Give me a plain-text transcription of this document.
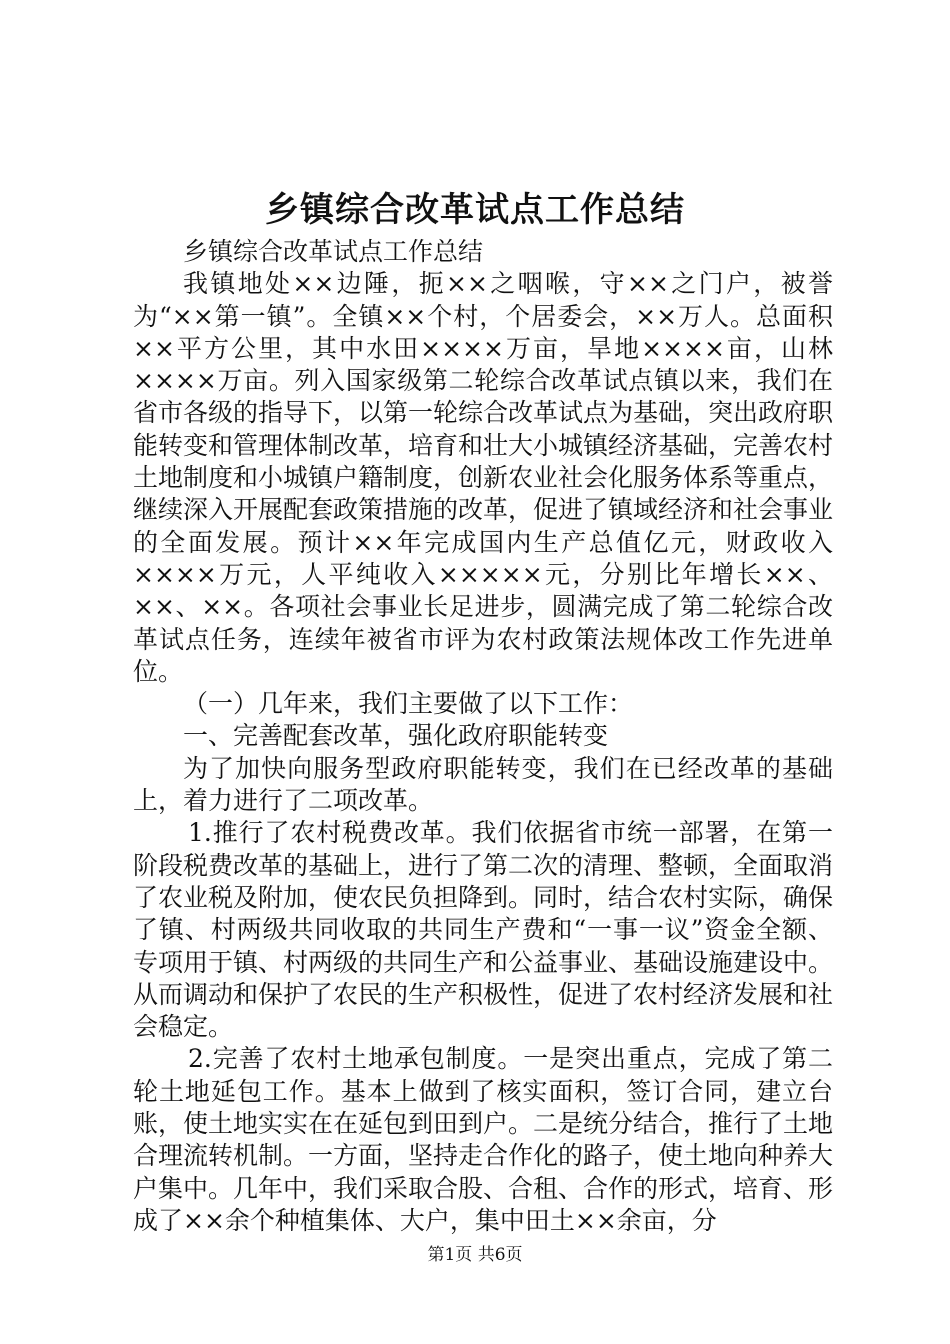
乡镇综合改革试点工作总结

乡镇综合改革试点工作总结

我镇地处××边陲，扼××之咽喉，守××之门户，被誉为“××第一镇”。全镇××个村，个居委会，××万人。总面积××平方公里，其中水田××××万亩，旱地××××亩，山林××××万亩。列入国家级第二轮综合改革试点镇以来，我们在省市各级的指导下，以第一轮综合改革试点为基础，突出政府职能转变和管理体制改革，培育和壮大小城镇经济基础，完善农村土地制度和小城镇户籍制度，创新农业社会化服务体系等重点，继续深入开展配套政策措施的改革，促进了镇域经济和社会事业的全面发展。预计××年完成国内生产总值亿元，财政收入××××万元，人平纯收入×××××元，分别比年增长××、××、××。各项社会事业长足进步，圆满完成了第二轮综合改革试点任务，连续年被省市评为农村政策法规体改工作先进单位。

（一）几年来，我们主要做了以下工作：

一、完善配套改革，强化政府职能转变

为了加快向服务型政府职能转变，我们在已经改革的基础上，着力进行了二项改革。

1.推行了农村税费改革。我们依据省市统一部署，在第一阶段税费改革的基础上，进行了第二次的清理、整顿，全面取消了农业税及附加，使农民负担降到。同时，结合农村实际，确保了镇、村两级共同收取的共同生产费和“一事一议”资金全额、专项用于镇、村两级的共同生产和公益事业、基础设施建设中。从而调动和保护了农民的生产积极性，促进了农村经济发展和社会稳定。

2.完善了农村土地承包制度。一是突出重点，完成了第二轮土地延包工作。基本上做到了核实面积，签订合同，建立台账，使土地实实在在延包到田到户。二是统分结合，推行了土地合理流转机制。一方面，坚持走合作化的路子，使土地向种养大户集中。几年中，我们采取合股、合租、合作的形式，培育、形成了××余个种植集体、大户，集中田土××余亩，分

第1页 共6页
